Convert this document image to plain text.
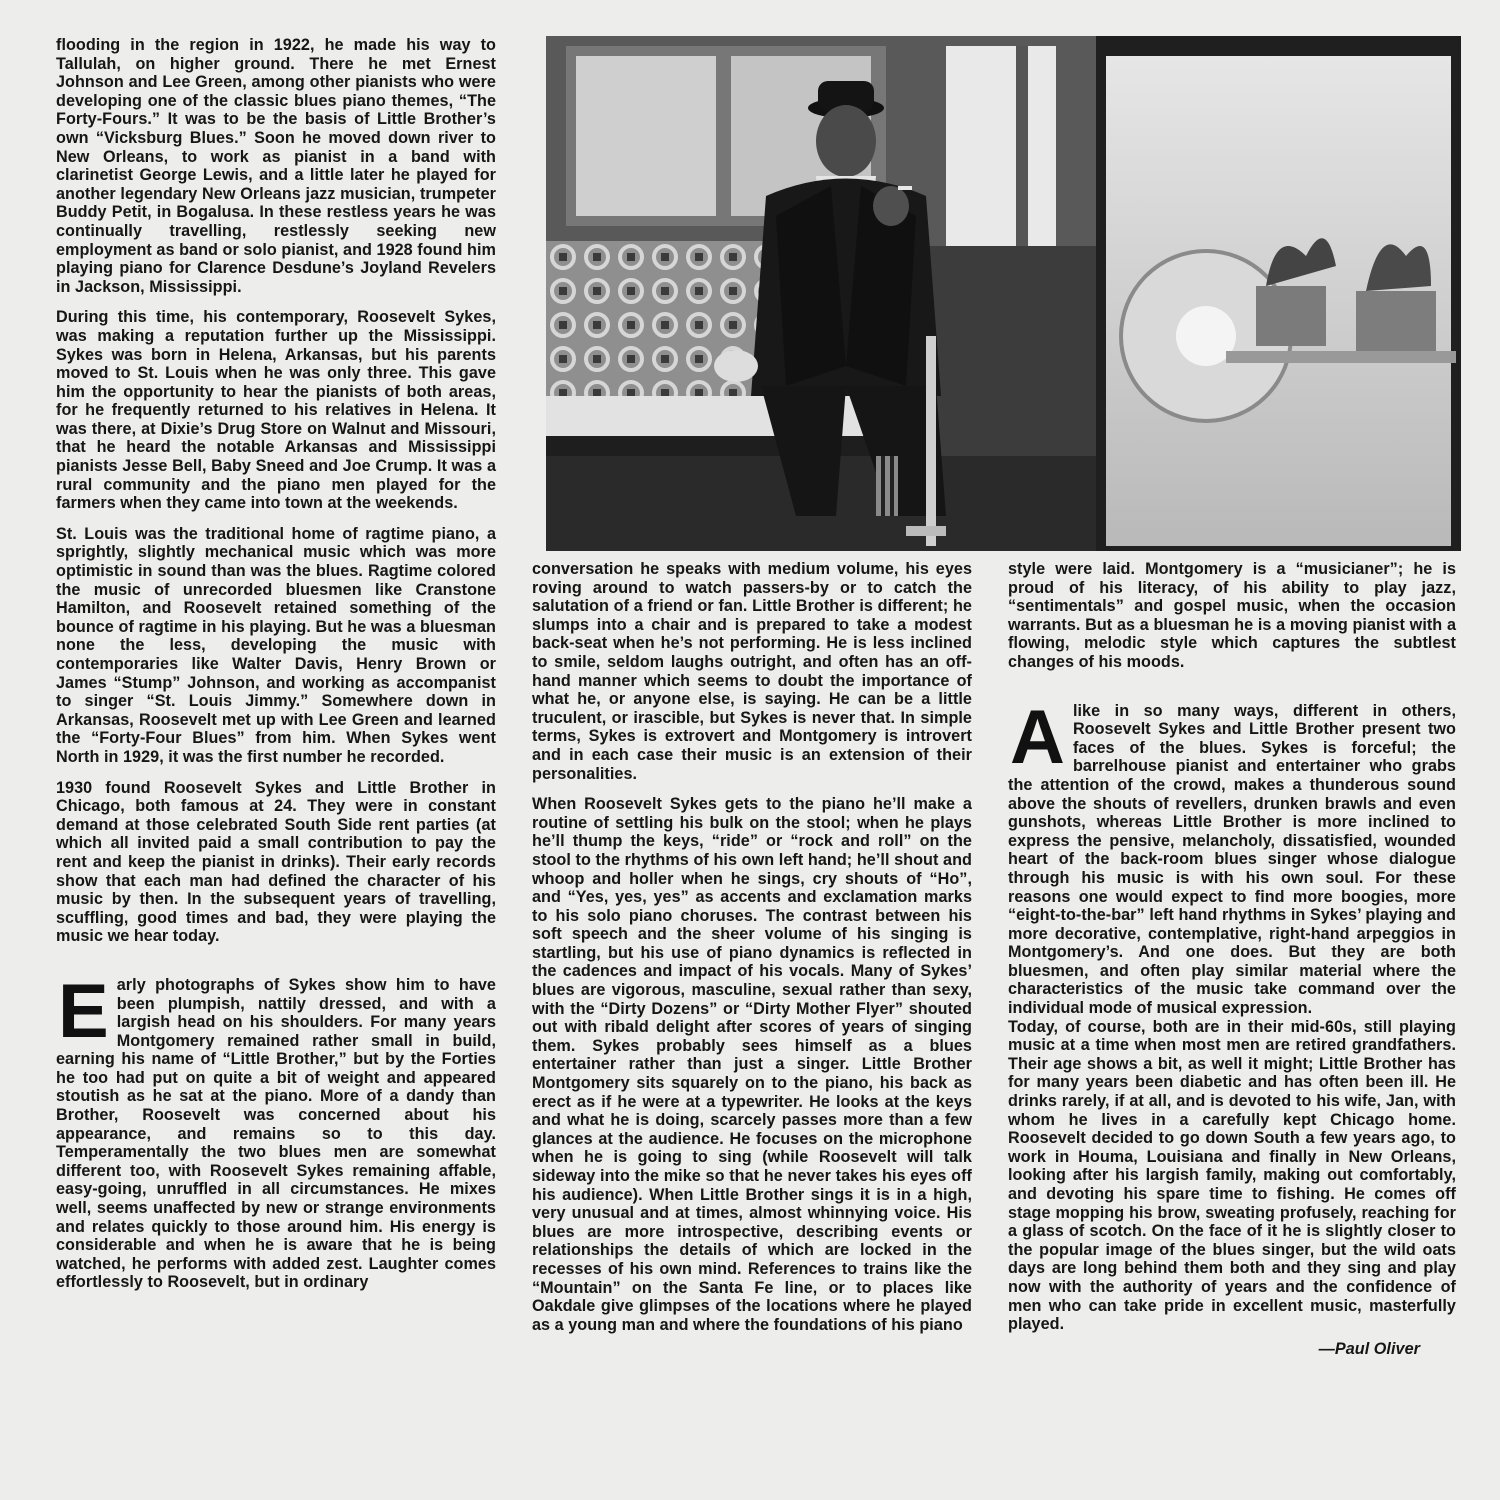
flooding in the region in 1922, he made his way to Tallulah, on higher ground. There he met Ernest Johnson and Lee Green, among other pianists who were developing one of the classic blues piano themes, “The Forty-Fours.” It was to be the basis of Little Brother’s own “Vicksburg Blues.” Soon he moved down river to New Orleans, to work as pianist in a band with clarinetist George Lewis, and a little later he played for another legendary New Orleans jazz musician, trumpeter Buddy Petit, in Bogalusa. In these restless years he was continually travelling, restlessly seeking new employment as band or solo pianist, and 1928 found him playing piano for Clarence Desdune’s Joyland Revelers in Jackson, Mississippi.

During this time, his contemporary, Roosevelt Sykes, was making a reputation further up the Mississippi. Sykes was born in Helena, Arkansas, but his parents moved to St. Louis when he was only three. This gave him the opportunity to hear the pianists of both areas, for he frequently returned to his relatives in Helena. It was there, at Dixie’s Drug Store on Walnut and Missouri, that he heard the notable Arkansas and Mississippi pianists Jesse Bell, Baby Sneed and Joe Crump. It was a rural community and the piano men played for the farmers when they came into town at the weekends.

St. Louis was the traditional home of ragtime piano, a sprightly, slightly mechanical music which was more optimistic in sound than was the blues. Ragtime colored the music of unrecorded bluesmen like Cranstone Hamilton, and Roosevelt retained something of the bounce of ragtime in his playing. But he was a bluesman none the less, developing the music with contemporaries like Walter Davis, Henry Brown or James “Stump” Johnson, and working as accompanist to singer “St. Louis Jimmy.” Somewhere down in Arkansas, Roosevelt met up with Lee Green and learned the “Forty-Four Blues” from him. When Sykes went North in 1929, it was the first number he recorded.

1930 found Roosevelt Sykes and Little Brother in Chicago, both famous at 24. They were in constant demand at those celebrated South Side rent parties (at which all invited paid a small contribution to pay the rent and keep the pianist in drinks). Their early records show that each man had defined the character of his music by then. In the subsequent years of travelling, scuffling, good times and bad, they were playing the music we hear today.

E arly photographs of Sykes show him to have been plumpish, nattily dressed, and with a largish head on his shoulders. For many years Montgomery remained rather small in build, earning his name of “Little Brother,” but by the Forties he too had put on quite a bit of weight and appeared stoutish as he sat at the piano. More of a dandy than Brother, Roosevelt was concerned about his appearance, and remains so to this day. Temperamentally the two blues men are somewhat different too, with Roosevelt Sykes remaining affable, easy-going, unruffled in all circumstances. He mixes well, seems unaffected by new or strange environments and relates quickly to those around him. His energy is considerable and when he is aware that he is being watched, he performs with added zest. Laughter comes effortlessly to Roosevelt, but in ordinary

conversation he speaks with medium volume, his eyes roving around to watch passers-by or to catch the salutation of a friend or fan. Little Brother is different; he slumps into a chair and is prepared to take a modest back-seat when he’s not performing. He is less inclined to smile, seldom laughs outright, and often has an off-hand manner which seems to doubt the importance of what he, or anyone else, is saying. He can be a little truculent, or irascible, but Sykes is never that. In simple terms, Sykes is extrovert and Montgomery is introvert and in each case their music is an extension of their personalities.

When Roosevelt Sykes gets to the piano he’ll make a routine of settling his bulk on the stool; when he plays he’ll thump the keys, “ride” or “rock and roll” on the stool to the rhythms of his own left hand; he’ll shout and whoop and holler when he sings, cry shouts of “Ho”, and “Yes, yes, yes” as accents and exclamation marks to his solo piano choruses. The contrast between his soft speech and the sheer volume of his singing is startling, but his use of piano dynamics is reflected in the cadences and impact of his vocals. Many of Sykes’ blues are vigorous, masculine, sexual rather than sexy, with the “Dirty Dozens” or “Dirty Mother Flyer” shouted out with ribald delight after scores of years of singing them. Sykes probably sees himself as a blues entertainer rather than just a singer. Little Brother Montgomery sits squarely on to the piano, his back as erect as if he were at a typewriter. He looks at the keys and what he is doing, scarcely passes more than a few glances at the audience. He focuses on the microphone when he is going to sing (while Roosevelt will talk sideway into the mike so that he never takes his eyes off his audience). When Little Brother sings it is in a high, very unusual and at times, almost whinnying voice. His blues are more introspective, describing events or relationships the details of which are locked in the recesses of his own mind. References to trains like the “Mountain” on the Santa Fe line, or to places like Oakdale give glimpses of the locations where he played as a young man and where the foundations of his piano

style were laid. Montgomery is a “musicianer”; he is proud of his literacy, of his ability to play jazz, “sentimentals” and gospel music, when the occasion warrants. But as a bluesman he is a moving pianist with a flowing, melodic style which captures the subtlest changes of his moods.

A like in so many ways, different in others, Roosevelt Sykes and Little Brother present two faces of the blues. Sykes is forceful; the barrelhouse pianist and entertainer who grabs the attention of the crowd, makes a thunderous sound above the shouts of revellers, drunken brawls and even gunshots, whereas Little Brother is more inclined to express the pensive, melancholy, dissatisfied, wounded heart of the back-room blues singer whose dialogue through his music is with his own soul. For these reasons one would expect to find more boogies, more “eight-to-the-bar” left hand rhythms in Sykes’ playing and more decorative, contemplative, right-hand arpeggios in Montgomery’s. And one does. But they are both bluesmen, and often play similar material where the characteristics of the music take command over the individual mode of musical expression.

Today, of course, both are in their mid-60s, still playing music at a time when most men are retired grandfathers. Their age shows a bit, as well it might; Little Brother has for many years been diabetic and has often been ill. He drinks rarely, if at all, and is devoted to his wife, Jan, with whom he lives in a carefully kept Chicago home. Roosevelt decided to go down South a few years ago, to work in Houma, Louisiana and finally in New Orleans, looking after his largish family, making out comfortably, and devoting his spare time to fishing. He comes off stage mopping his brow, sweating profusely, reaching for a glass of scotch. On the face of it he is slightly closer to the popular image of the blues singer, but the wild oats days are long behind them both and they sing and play now with the authority of years and the confidence of men who can take pride in excellent music, masterfully played.

—Paul Oliver
